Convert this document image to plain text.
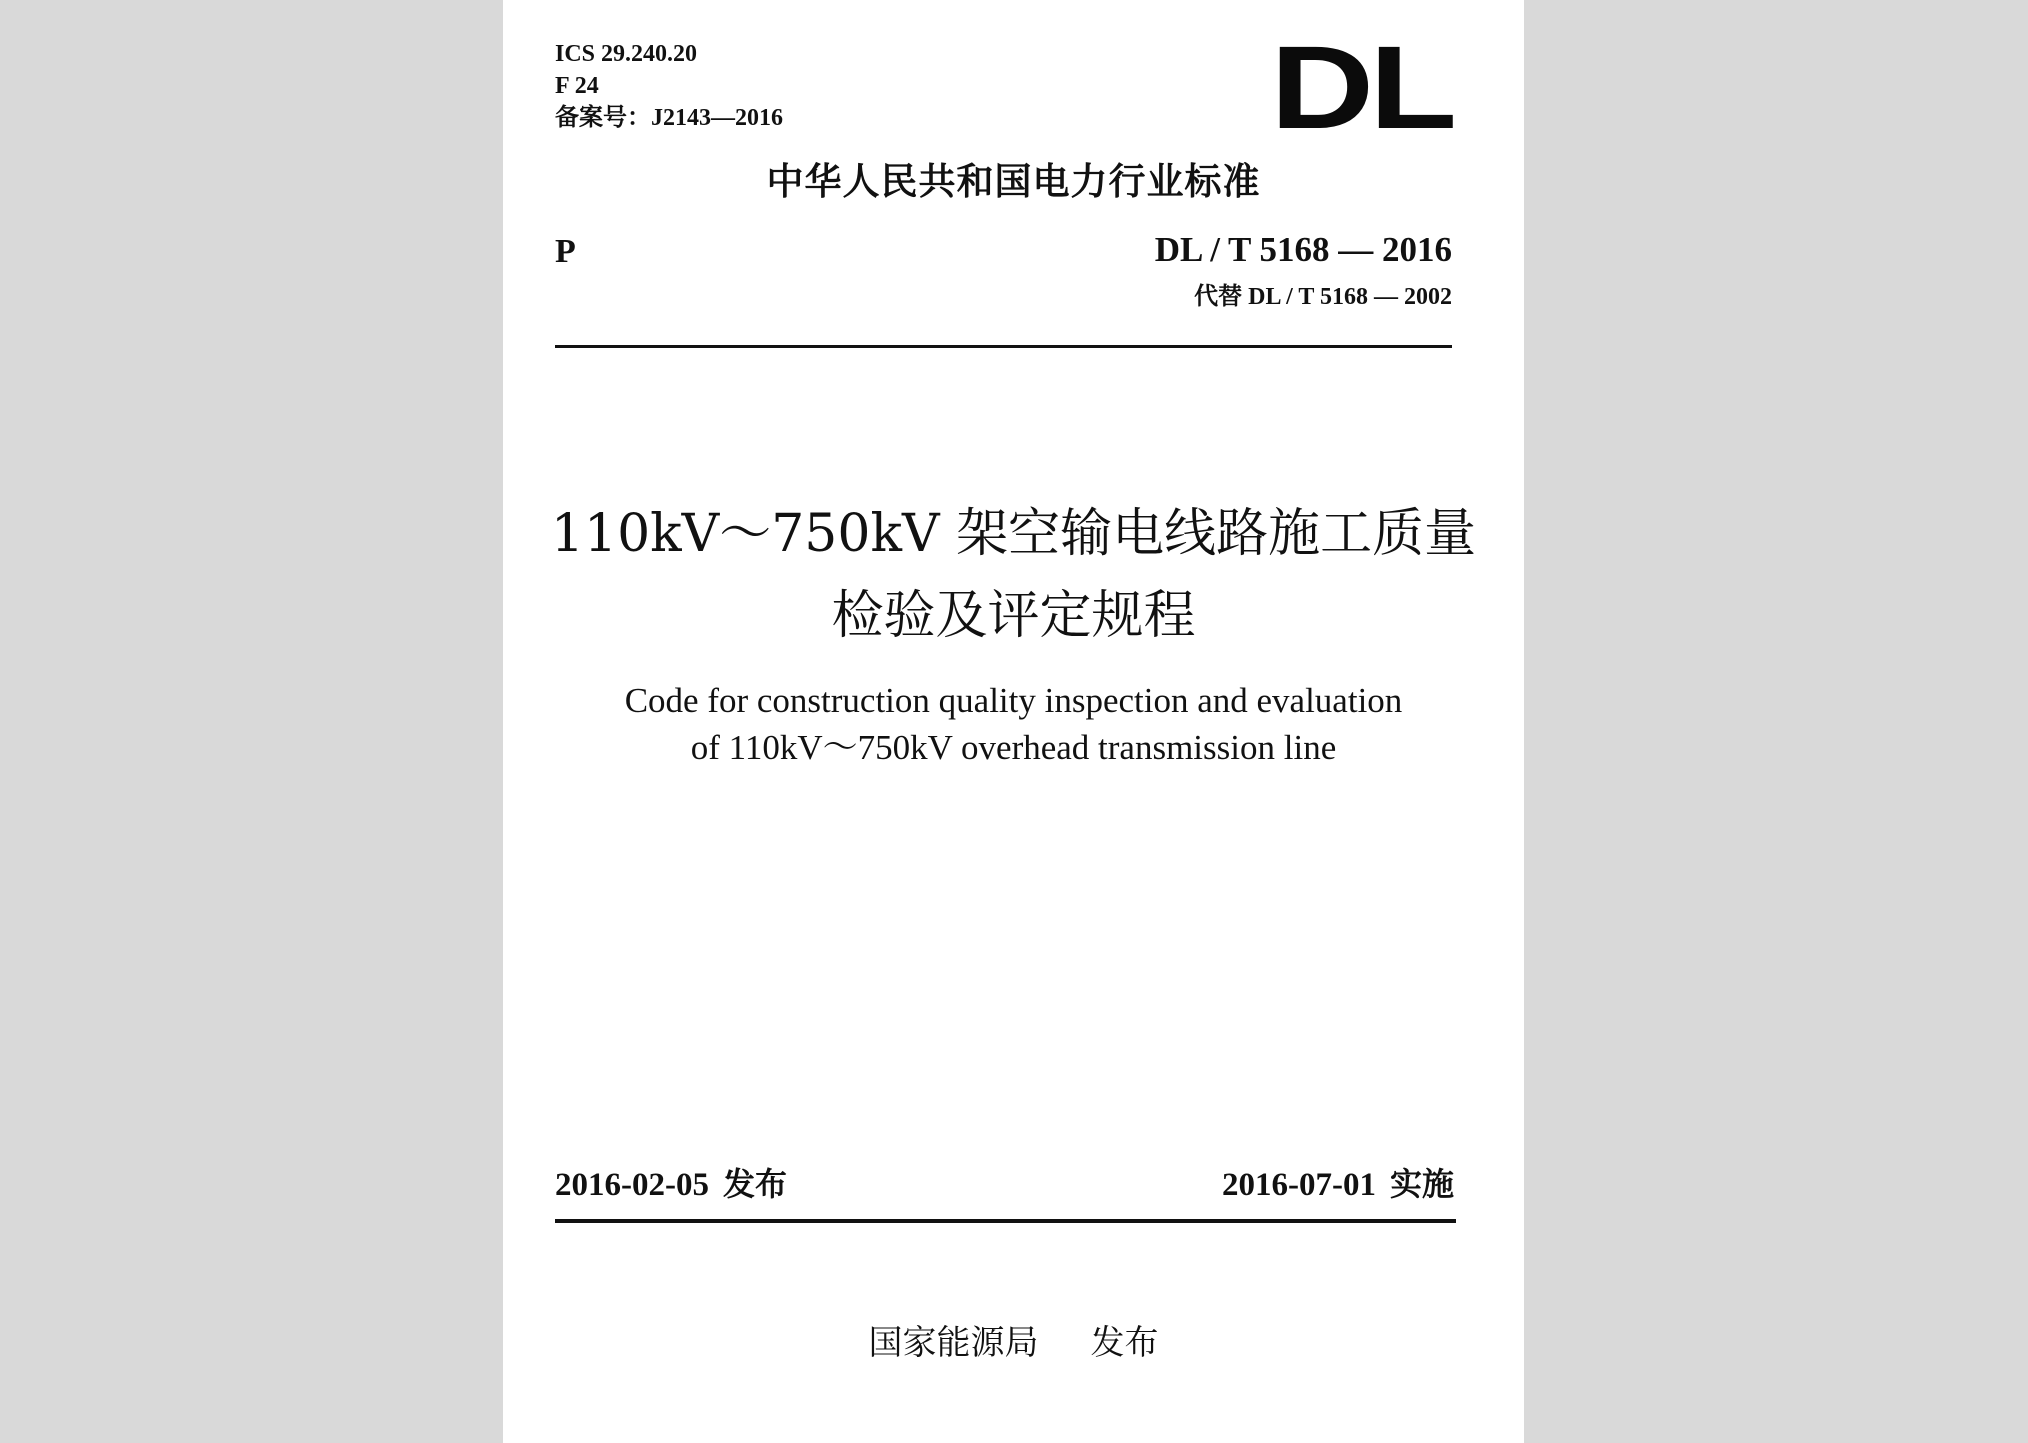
ICS 29.240.20
F 24
备案号：J2143—2016	DL
中华人民共和国电力行业标准
P	DL / T 5168 — 2016
代替 DL / T 5168 — 2002
110kV～750kV 架空输电线路施工质量
检验及评定规程
Code for construction quality inspection and evaluation
of 110kV～750kV overhead transmission line
2016-02-05 发布	2016-07-01 实施
国家能源局 发布
